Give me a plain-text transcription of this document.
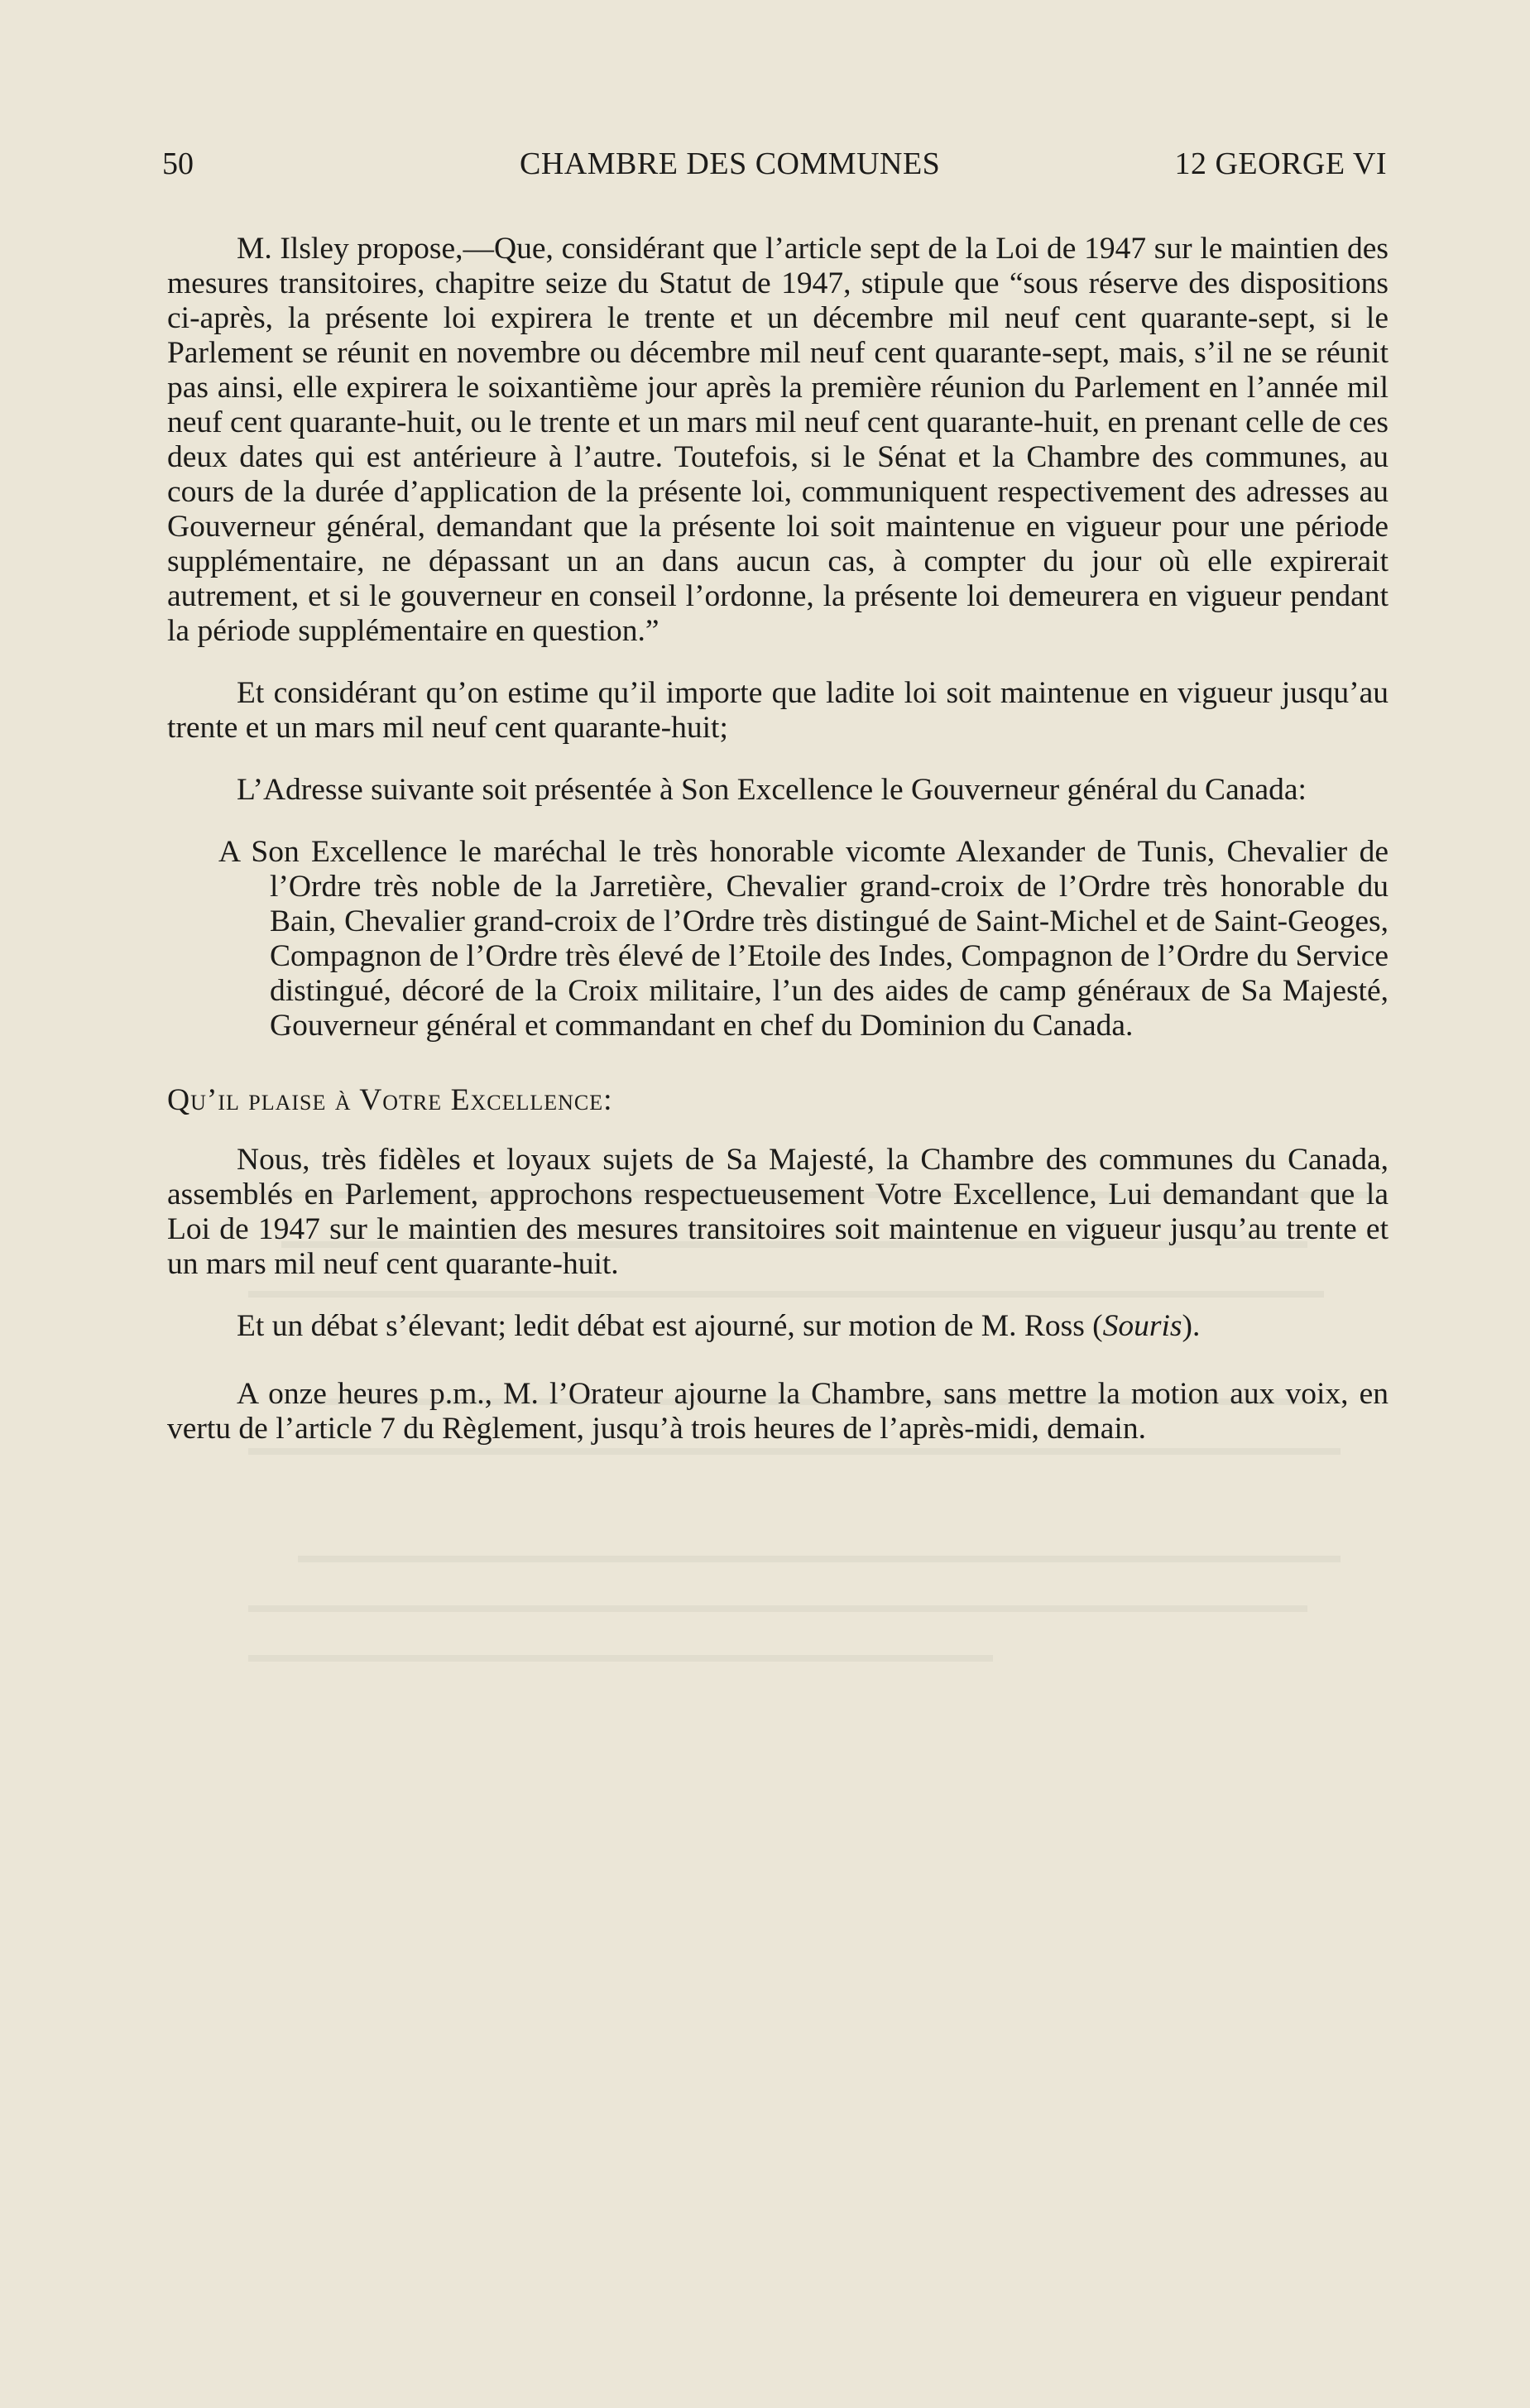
50	CHAMBRE DES COMMUNES	12 GEORGE VI

M. Ilsley propose,—Que, considérant que l’article sept de la Loi de 1947 sur le maintien des mesures transitoires, chapitre seize du Statut de 1947, stipule que “sous réserve des dispositions ci-après, la présente loi expirera le trente et un décembre mil neuf cent quarante-sept, si le Parlement se réunit en novembre ou décembre mil neuf cent quarante-sept, mais, s’il ne se réunit pas ainsi, elle expirera le soixantième jour après la première réunion du Parlement en l’année mil neuf cent quarante-huit, ou le trente et un mars mil neuf cent quarante-huit, en prenant celle de ces deux dates qui est antérieure à l’autre. Toutefois, si le Sénat et la Chambre des communes, au cours de la durée d’application de la présente loi, communiquent respectivement des adresses au Gouverneur général, demandant que la présente loi soit maintenue en vigueur pour une période supplémentaire, ne dépassant un an dans aucun cas, à compter du jour où elle expirerait autrement, et si le gouverneur en conseil l’ordonne, la présente loi demeurera en vigueur pendant la période supplémentaire en question.”

Et considérant qu’on estime qu’il importe que ladite loi soit maintenue en vigueur jusqu’au trente et un mars mil neuf cent quarante-huit;

L’Adresse suivante soit présentée à Son Excellence le Gouverneur général du Canada:

A Son Excellence le maréchal le très honorable vicomte Alexander de Tunis, Chevalier de l’Ordre très noble de la Jarretière, Chevalier grand-croix de l’Ordre très honorable du Bain, Chevalier grand-croix de l’Ordre très distingué de Saint-Michel et de Saint-Geoges, Compagnon de l’Ordre très élevé de l’Etoile des Indes, Compagnon de l’Ordre du Service distingué, décoré de la Croix militaire, l’un des aides de camp généraux de Sa Majesté, Gouverneur général et commandant en chef du Dominion du Canada.

Qu’il plaise à Votre Excellence:

Nous, très fidèles et loyaux sujets de Sa Majesté, la Chambre des communes du Canada, assemblés en Parlement, approchons respectueusement Votre Excellence, Lui demandant que la Loi de 1947 sur le maintien des mesures transitoires soit maintenue en vigueur jusqu’au trente et un mars mil neuf cent quarante-huit.

Et un débat s’élevant; ledit débat est ajourné, sur motion de M. Ross (Souris).

A onze heures p.m., M. l’Orateur ajourne la Chambre, sans mettre la motion aux voix, en vertu de l’article 7 du Règlement, jusqu’à trois heures de l’après-midi, demain.
